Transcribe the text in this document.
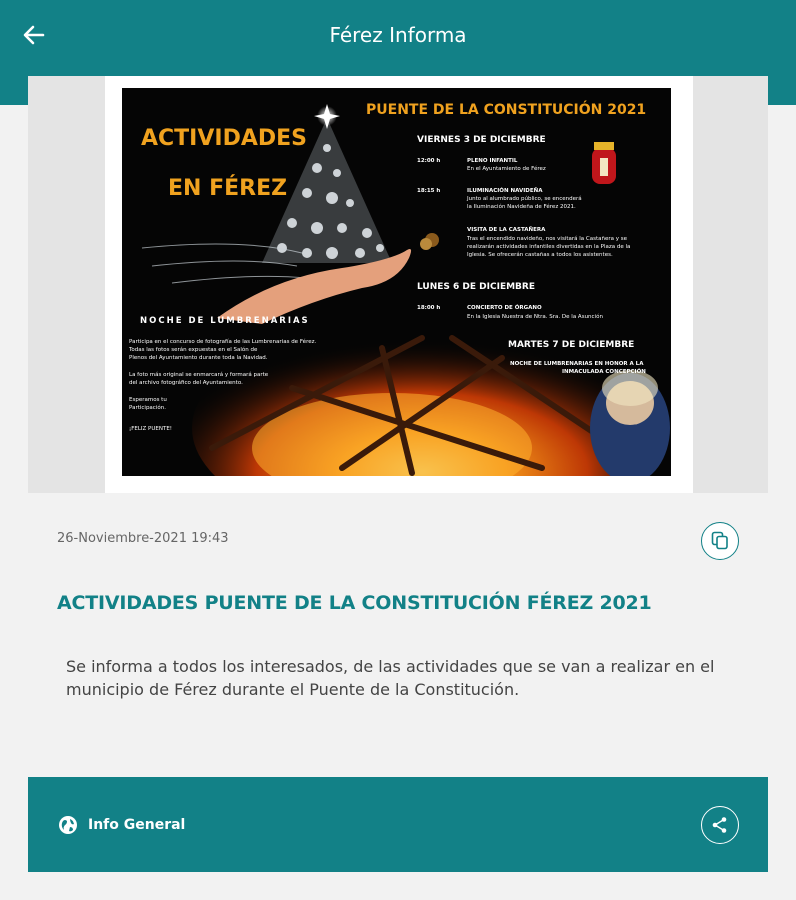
Férez Informa
ACTIVIDADES
EN FÉREZ
PUENTE DE LA CONSTITUCIÓN 2021
VIERNES 3 DE DICIEMBRE
12:00 h	PLENO INFANTIL
En el Ayuntamiento de Férez
18:15 h	ILUMINACIÓN NAVIDEÑA
Junto al alumbrado público, se encenderá
la Iluminación Navideña de Férez 2021.
VISITA DE LA CASTAÑERA
Tras el encendido navideño, nos visitará la Castañera y se
realizarán actividades infantiles divertidas en la Plaza de la
Iglesia. Se ofrecerán castañas a todos los asistentes.
LUNES 6 DE DICIEMBRE
18:00 h	CONCIERTO DE ÓRGANO
En la Iglesia Nuestra de Ntra. Sra. De la Asunción
MARTES 7 DE DICIEMBRE
NOCHE DE LUMBRENARIAS EN HONOR A LA
INMACULADA CONCEPCIÓN
NOCHE DE LUMBRENARIAS
Participa en el concurso de fotografía de las Lumbrenarias de Férez.
Todas las fotos serán expuestas en el Salón de
Plenos del Ayuntamiento durante toda la Navidad.
La foto más original se enmarcará y formará parte
del archivo fotográfico del Ayuntamiento.
Esperamos tu
Participación.
¡FELIZ PUENTE!
26-Noviembre-2021 19:43
ACTIVIDADES PUENTE DE LA CONSTITUCIÓN FÉREZ 2021
Se informa a todos los interesados, de las actividades que se van a realizar en el municipio de Férez durante el Puente de la Constitución.
Info General
